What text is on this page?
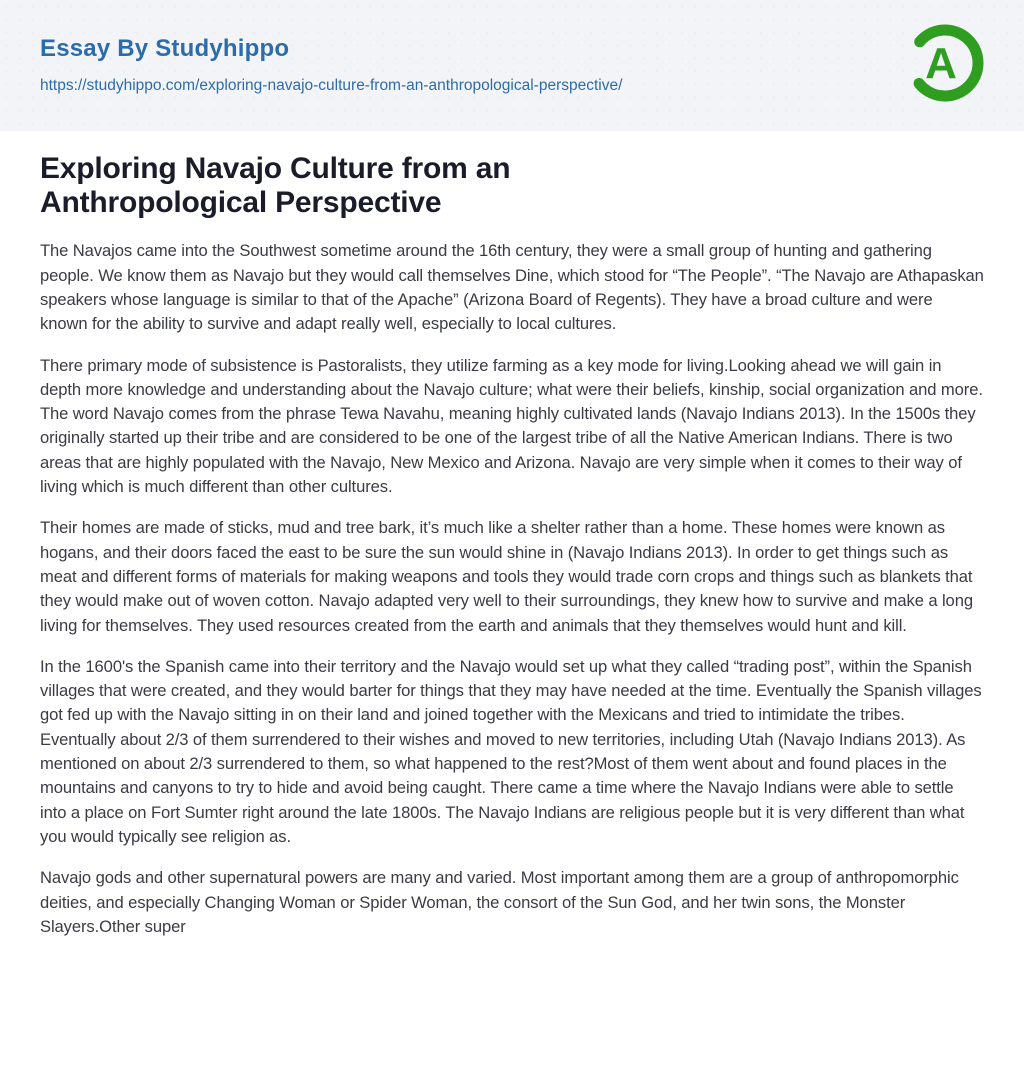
Essay By Studyhippo
https://studyhippo.com/exploring-navajo-culture-from-an-anthropological-perspective/	A
Exploring Navajo Culture from an Anthropological Perspective

The Navajos came into the Southwest sometime around the 16th century, they were a small group of hunting and gathering people. We know them as Navajo but they would call themselves Dine, which stood for “The People”. “The Navajo are Athapaskan speakers whose language is similar to that of the Apache” (Arizona Board of Regents). They have a broad culture and were known for the ability to survive and adapt really well, especially to local cultures.

There primary mode of subsistence is Pastoralists, they utilize farming as a key mode for living.Looking ahead we will gain in depth more knowledge and understanding about the Navajo culture; what were their beliefs, kinship, social organization and more. The word Navajo comes from the phrase Tewa Navahu, meaning highly cultivated lands (Navajo Indians 2013). In the 1500s they originally started up their tribe and are considered to be one of the largest tribe of all the Native American Indians. There is two areas that are highly populated with the Navajo, New Mexico and Arizona. Navajo are very simple when it comes to their way of living which is much different than other cultures.

Their homes are made of sticks, mud and tree bark, it’s much like a shelter rather than a home. These homes were known as hogans, and their doors faced the east to be sure the sun would shine in (Navajo Indians 2013). In order to get things such as meat and different forms of materials for making weapons and tools they would trade corn crops and things such as blankets that they would make out of woven cotton. Navajo adapted very well to their surroundings, they knew how to survive and make a long living for themselves. They used resources created from the earth and animals that they themselves would hunt and kill.

In the 1600's the Spanish came into their territory and the Navajo would set up what they called “trading post”, within the Spanish villages that were created, and they would barter for things that they may have needed at the time. Eventually the Spanish villages got fed up with the Navajo sitting in on their land and joined together with the Mexicans and tried to intimidate the tribes. Eventually about 2/3 of them surrendered to their wishes and moved to new territories, including Utah (Navajo Indians 2013). As mentioned on about 2/3 surrendered to them, so what happened to the rest?Most of them went about and found places in the mountains and canyons to try to hide and avoid being caught. There came a time where the Navajo Indians were able to settle into a place on Fort Sumter right around the late 1800s. The Navajo Indians are religious people but it is very different than what you would typically see religion as.

Navajo gods and other supernatural powers are many and varied. Most important among them are a group of anthropomorphic deities, and especially Changing Woman or Spider Woman, the consort of the Sun God, and her twin sons, the Monster Slayers.Other super
